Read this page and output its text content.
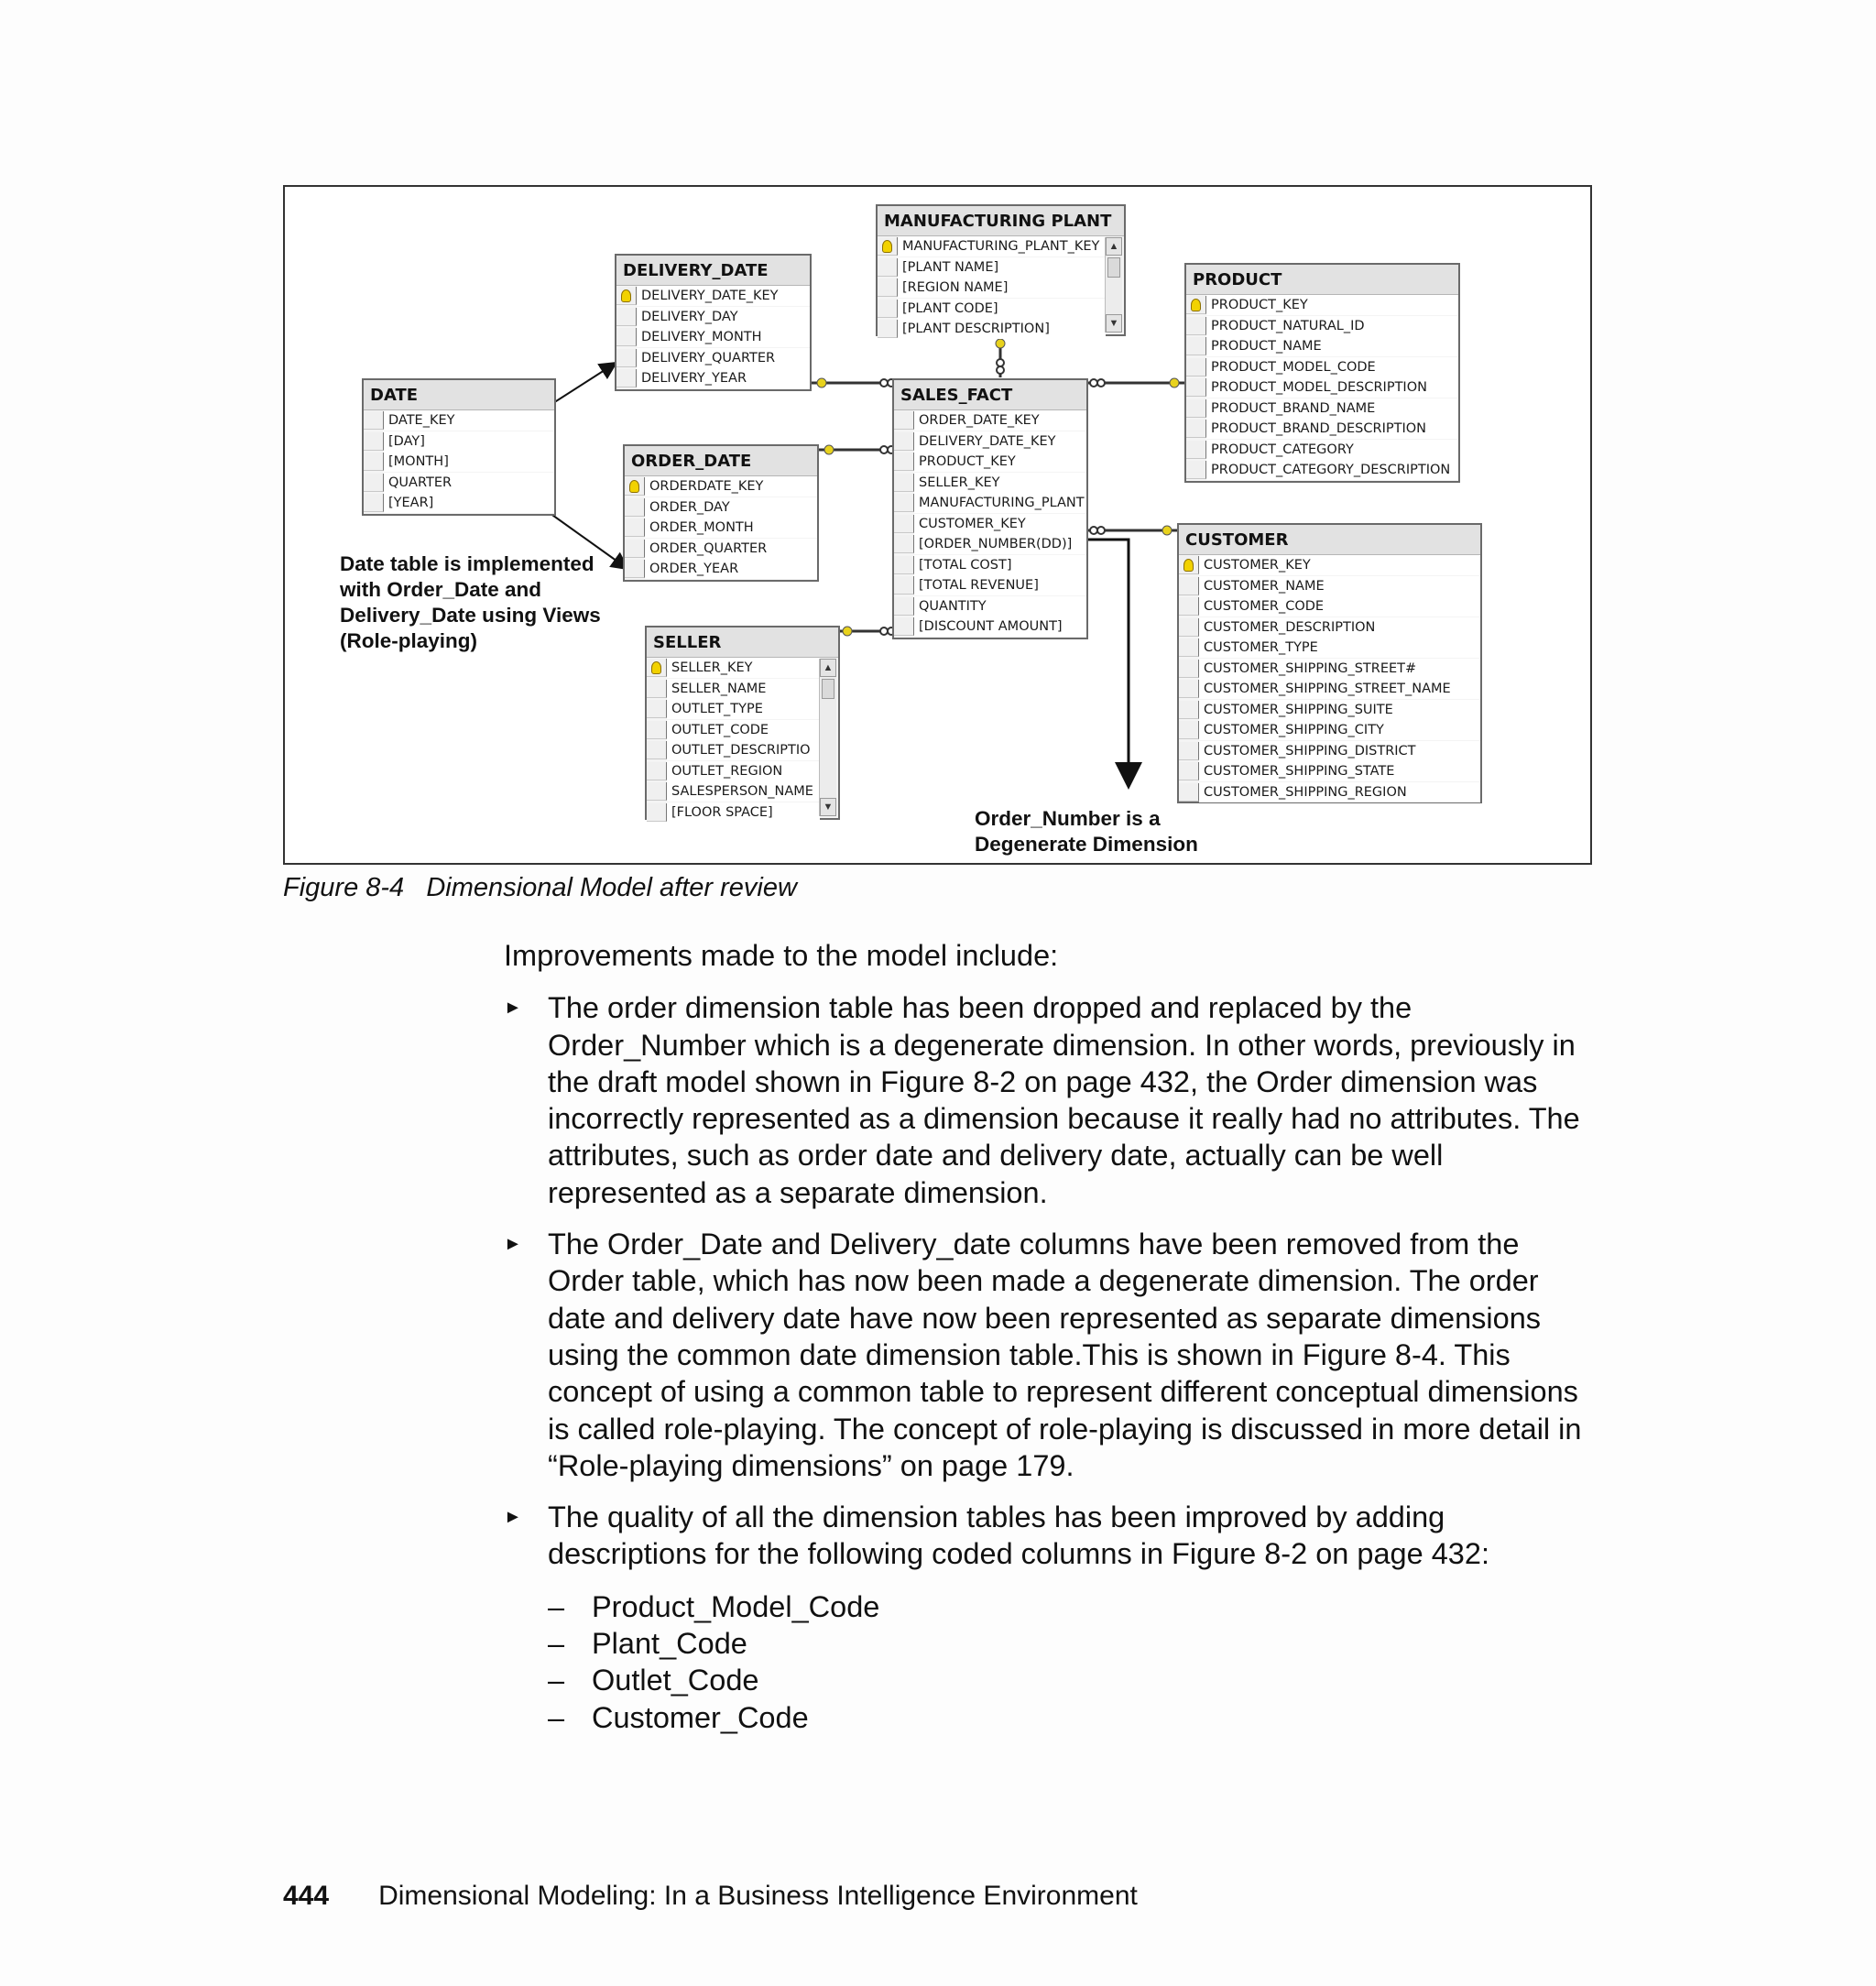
DELIVERY_DATE
DELIVERY_DATE_KEY
DELIVERY_DAY
DELIVERY_MONTH
DELIVERY_QUARTER
DELIVERY_YEAR
MANUFACTURING PLANT
MANUFACTURING_PLANT_KEY
[PLANT NAME]
[REGION NAME]
[PLANT CODE]
[PLANT DESCRIPTION]
▲
▼
PRODUCT
PRODUCT_KEY
PRODUCT_NATURAL_ID
PRODUCT_NAME
PRODUCT_MODEL_CODE
PRODUCT_MODEL_DESCRIPTION
PRODUCT_BRAND_NAME
PRODUCT_BRAND_DESCRIPTION
PRODUCT_CATEGORY
PRODUCT_CATEGORY_DESCRIPTION
DATE
DATE_KEY
[DAY]
[MONTH]
QUARTER
[YEAR]
SALES_FACT
ORDER_DATE_KEY
DELIVERY_DATE_KEY
PRODUCT_KEY
SELLER_KEY
MANUFACTURING_PLANT
CUSTOMER_KEY
[ORDER_NUMBER(DD)]
[TOTAL COST]
[TOTAL REVENUE]
QUANTITY
[DISCOUNT AMOUNT]
ORDER_DATE
ORDERDATE_KEY
ORDER_DAY
ORDER_MONTH
ORDER_QUARTER
ORDER_YEAR
CUSTOMER
CUSTOMER_KEY
CUSTOMER_NAME
CUSTOMER_CODE
CUSTOMER_DESCRIPTION
CUSTOMER_TYPE
CUSTOMER_SHIPPING_STREET#
CUSTOMER_SHIPPING_STREET_NAME
CUSTOMER_SHIPPING_SUITE
CUSTOMER_SHIPPING_CITY
CUSTOMER_SHIPPING_DISTRICT
CUSTOMER_SHIPPING_STATE
CUSTOMER_SHIPPING_REGION
SELLER
SELLER_KEY
SELLER_NAME
OUTLET_TYPE
OUTLET_CODE
OUTLET_DESCRIPTIO
OUTLET_REGION
SALESPERSON_NAME
[FLOOR SPACE]
▲
▼
Date table is implemented
with Order_Date and
Delivery_Date using Views
(Role-playing)
Order_Number is a
Degenerate Dimension
Figure 8-4   Dimensional Model after review
Improvements made to the model include:
► The order dimension table has been dropped and replaced by the Order_Number which is a degenerate dimension. In other words, previously in the draft model shown in Figure 8-2 on page 432, the Order dimension was incorrectly represented as a dimension because it really had no attributes. The attributes, such as order date and delivery date, actually can be well represented as a separate dimension.
► The Order_Date and Delivery_date columns have been removed from the Order table, which has now been made a degenerate dimension. The order date and delivery date have now been represented as separate dimensions using the common date dimension table.This is shown in Figure 8-4. This concept of using a common table to represent different conceptual dimensions is called role-playing. The concept of role-playing is discussed in more detail in “Role-playing dimensions” on page 179.
► The quality of all the dimension tables has been improved by adding descriptions for the following coded columns in Figure 8-2 on page 432:
– Product_Model_Code
– Plant_Code
– Outlet_Code
– Customer_Code
444 Dimensional Modeling: In a Business Intelligence Environment
